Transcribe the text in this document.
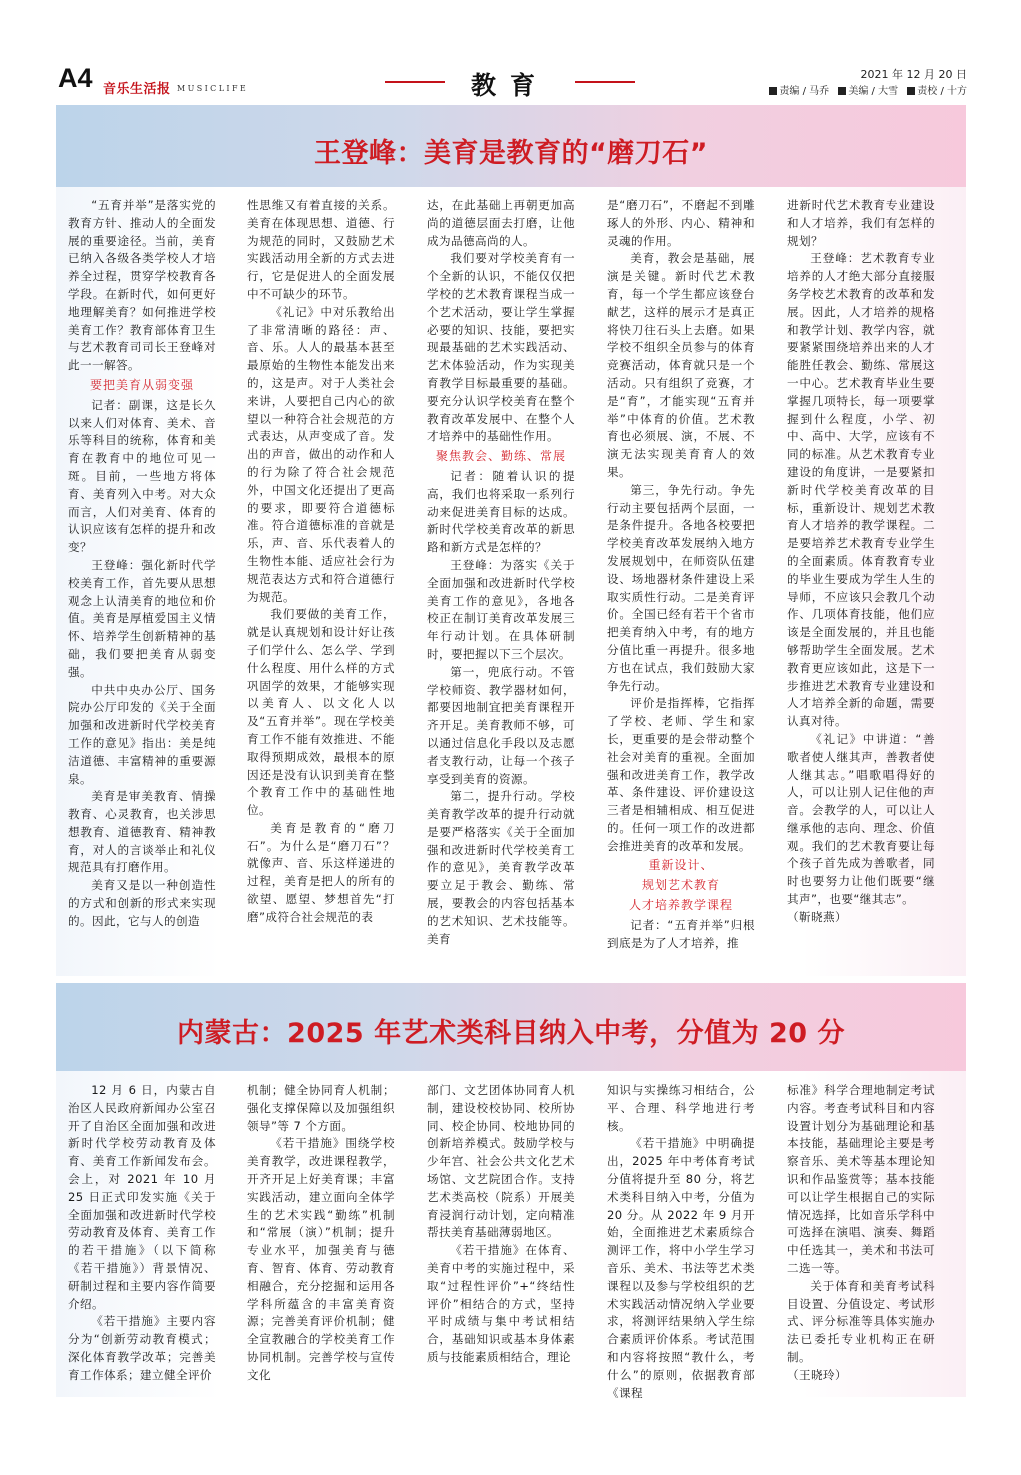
A4 音乐生活报 MUSICLIFE	教育	2021 年 12 月 20 日
责编 / 马乔 美编 / 大雪 责校 / 十方
王登峰：美育是教育的“磨刀石”

“五育并举”是落实党的教育方针、推动人的全面发展的重要途径。当前，美育已纳入各级各类学校人才培养全过程，贯穿学校教育各学段。在新时代，如何更好地理解美育？如何推进学校美育工作？教育部体育卫生与艺术教育司司长王登峰对此一一解答。

要把美育从弱变强

记者：副课，这是长久以来人们对体育、美术、音乐等科目的统称，体育和美育在教育中的地位可见一斑。目前，一些地方将体育、美育列入中考。对大众而言，人们对美育、体育的认识应该有怎样的提升和改变？

王登峰：强化新时代学校美育工作，首先要从思想观念上认清美育的地位和价值。美育是厚植爱国主义情怀、培养学生创新精神的基础，我们要把美育从弱变强。

中共中央办公厅、国务院办公厅印发的《关于全面加强和改进新时代学校美育工作的意见》指出：美是纯洁道德、丰富精神的重要源泉。

美育是审美教育、情操教育、心灵教育，也关涉思想教育、道德教育、精神教育，对人的言谈举止和礼仪规范具有打磨作用。

美育又是以一种创造性的方式和创新的形式来实现的。因此，它与人的创造

性思维又有着直接的关系。美育在体现思想、道德、行为规范的同时，又鼓励艺术实践活动用全新的方式去进行，它是促进人的全面发展中不可缺少的环节。

《礼记》中对乐教给出了非常清晰的路径：声、音、乐。人人的最基本甚至最原始的生物性本能发出来的，这是声。对于人类社会来讲，人要把自己内心的欲望以一种符合社会规范的方式表达，从声变成了音。发出的声音，做出的动作和人的行为除了符合社会规范外，中国文化还提出了更高的要求，即要符合道德标准。符合道德标准的音就是乐，声、音、乐代表着人的生物性本能、适应社会行为规范表达方式和符合道德行为规范。

我们要做的美育工作，就是认真规划和设计好让孩子们学什么、怎么学、学到什么程度、用什么样的方式巩固学的效果，才能够实现以美育人、以文化人以及“五育并举”。现在学校美育工作不能有效推进、不能取得预期成效，最根本的原因还是没有认识到美育在整个教育工作中的基础性地位。

美育是教育的“磨刀石”。为什么是“磨刀石”？就像声、音、乐这样递进的过程，美育是把人的所有的欲望、愿望、梦想首先“打磨”成符合社会规范的表

达，在此基础上再朝更加高尚的道德层面去打磨，让他成为品德高尚的人。

我们要对学校美育有一个全新的认识，不能仅仅把学校的艺术教育课程当成一个艺术活动，要让学生掌握必要的知识、技能，要把实现最基础的艺术实践活动、艺术体验活动，作为实现美育教学目标最重要的基础。要充分认识学校美育在整个教育改革发展中、在整个人才培养中的基础性作用。

聚焦教会、勤练、常展

记者：随着认识的提高，我们也将采取一系列行动来促进美育目标的达成。新时代学校美育改革的新思路和新方式是怎样的？

王登峰：为落实《关于全面加强和改进新时代学校美育工作的意见》，各地各校正在制订美育改革发展三年行动计划。在具体研制时，要把握以下三个层次。

第一，兜底行动。不管学校师资、教学器材如何，都要因地制宜把美育课程开齐开足。美育教师不够，可以通过信息化手段以及志愿者支教行动，让每一个孩子享受到美育的资源。

第二，提升行动。学校美育教学改革的提升行动就是要严格落实《关于全面加强和改进新时代学校美育工作的意见》，美育教学改革要立足于教会、勤练、常展，要教会的内容包括基本的艺术知识、艺术技能等。美育

是“磨刀石”，不磨起不到雕琢人的外形、内心、精神和灵魂的作用。

美育，教会是基础，展演是关键。新时代艺术教育，每一个学生都应该登台献艺，这样的展示才是真正将快刀往石头上去磨。如果学校不组织全员参与的体育竞赛活动，体育就只是一个活动。只有组织了竞赛，才是“育”，才能实现“五育并举”中体育的价值。艺术教育也必须展、演，不展、不演无法实现美育育人的效果。

第三，争先行动。争先行动主要包括两个层面，一是条件提升。各地各校要把学校美育改革发展纳入地方发展规划中，在师资队伍建设、场地器材条件建设上采取实质性行动。二是美育评价。全国已经有若干个省市把美育纳入中考，有的地方分值比重一再提升。很多地方也在试点，我们鼓励大家争先行动。

评价是指挥棒，它指挥了学校、老师、学生和家长，更重要的是会带动整个社会对美育的重视。全面加强和改进美育工作，教学改革、条件建设、评价建设这三者是相辅相成、相互促进的。任何一项工作的改进都会推进美育的改革和发展。

重新设计、

规划艺术教育

人才培养教学课程

记者：“五育并举”归根到底是为了人才培养，推

进新时代艺术教育专业建设和人才培养，我们有怎样的规划？

王登峰：艺术教育专业培养的人才绝大部分直接服务学校艺术教育的改革和发展。因此，人才培养的规格和教学计划、教学内容，就要紧紧围绕培养出来的人才能胜任教会、勤练、常展这一中心。艺术教育毕业生要掌握几项特长，每一项要掌握到什么程度，小学、初中、高中、大学，应该有不同的标准。从艺术教育专业建设的角度讲，一是要紧扣新时代学校美育改革的目标，重新设计、规划艺术教育人才培养的教学课程。二是要培养艺术教育专业学生的全面素质。体育教育专业的毕业生要成为学生人生的导师，不应该只会教几个动作、几项体育技能，他们应该是全面发展的，并且也能够帮助学生全面发展。艺术教育更应该如此，这是下一步推进艺术教育专业建设和人才培养全新的命题，需要认真对待。

《礼记》中讲道：“善歌者使人继其声，善教者使人继其志。”唱歌唱得好的人，可以让别人记住他的声音。会教学的人，可以让人继承他的志向、理念、价值观。我们的艺术教育要让每个孩子首先成为善歌者，同时也要努力让他们既要“继其声”，也要“继其志”。

（靳晓燕）

内蒙古：2025 年艺术类科目纳入中考，分值为 20 分

12 月 6 日，内蒙古自治区人民政府新闻办公室召开了自治区全面加强和改进新时代学校劳动教育及体育、美育工作新闻发布会。会上，对 2021 年 10 月 25 日正式印发实施《关于全面加强和改进新时代学校劳动教育及体育、美育工作的若干措施》（以下简称《若干措施》）背景情况、研制过程和主要内容作简要介绍。

《若干措施》主要内容分为“创新劳动教育模式；深化体育教学改革；完善美育工作体系；建立健全评价

机制；健全协同育人机制；强化支撑保障以及加强组织领导”等 7 个方面。

《若干措施》围绕学校美育教学，改进课程教学，开齐开足上好美育课；丰富实践活动，建立面向全体学生的艺术实践“勤练”机制和“常展（演）”机制；提升专业水平，加强美育与德育、智育、体育、劳动教育相融合，充分挖掘和运用各学科所蕴含的丰富美育资源；完善美育评价机制；健全宣教融合的学校美育工作协同机制。完善学校与宣传文化

部门、文艺团体协同育人机制，建设校校协同、校所协同、校企协同、校地协同的创新培养模式。鼓励学校与少年宫、社会公共文化艺术场馆、文艺院团合作。支持艺术类高校（院系）开展美育浸润行动计划，定向精准帮扶美育基础薄弱地区。

《若干措施》在体育、美育中考的实施过程中，采取“过程性评价”+“终结性评价”相结合的方式，坚持平时成绩与集中考试相结合，基础知识或基本身体素质与技能素质相结合，理论

知识与实操练习相结合，公平、合理、科学地进行考核。

《若干措施》中明确提出，2025 年中考体育考试分值将提升至 80 分，将艺术类科目纳入中考，分值为 20 分。从 2022 年 9 月开始，全面推进艺术素质综合测评工作，将中小学生学习音乐、美术、书法等艺术类课程以及参与学校组织的艺术实践活动情况纳入学业要求，将测评结果纳入学生综合素质评价体系。考试范围和内容将按照“教什么，考什么”的原则，依据教育部《课程

标准》科学合理地制定考试内容。考查考试科目和内容设置计划分为基础理论和基本技能，基础理论主要是考察音乐、美术等基本理论知识和作品鉴赏等；基本技能可以让学生根据自己的实际情况选择，比如音乐学科中可选择在演唱、演奏、舞蹈中任选其一，美术和书法可二选一等。

关于体育和美育考试科目设置、分值设定、考试形式、评分标准等具体实施办法已委托专业机构正在研制。

（王晓玲）
